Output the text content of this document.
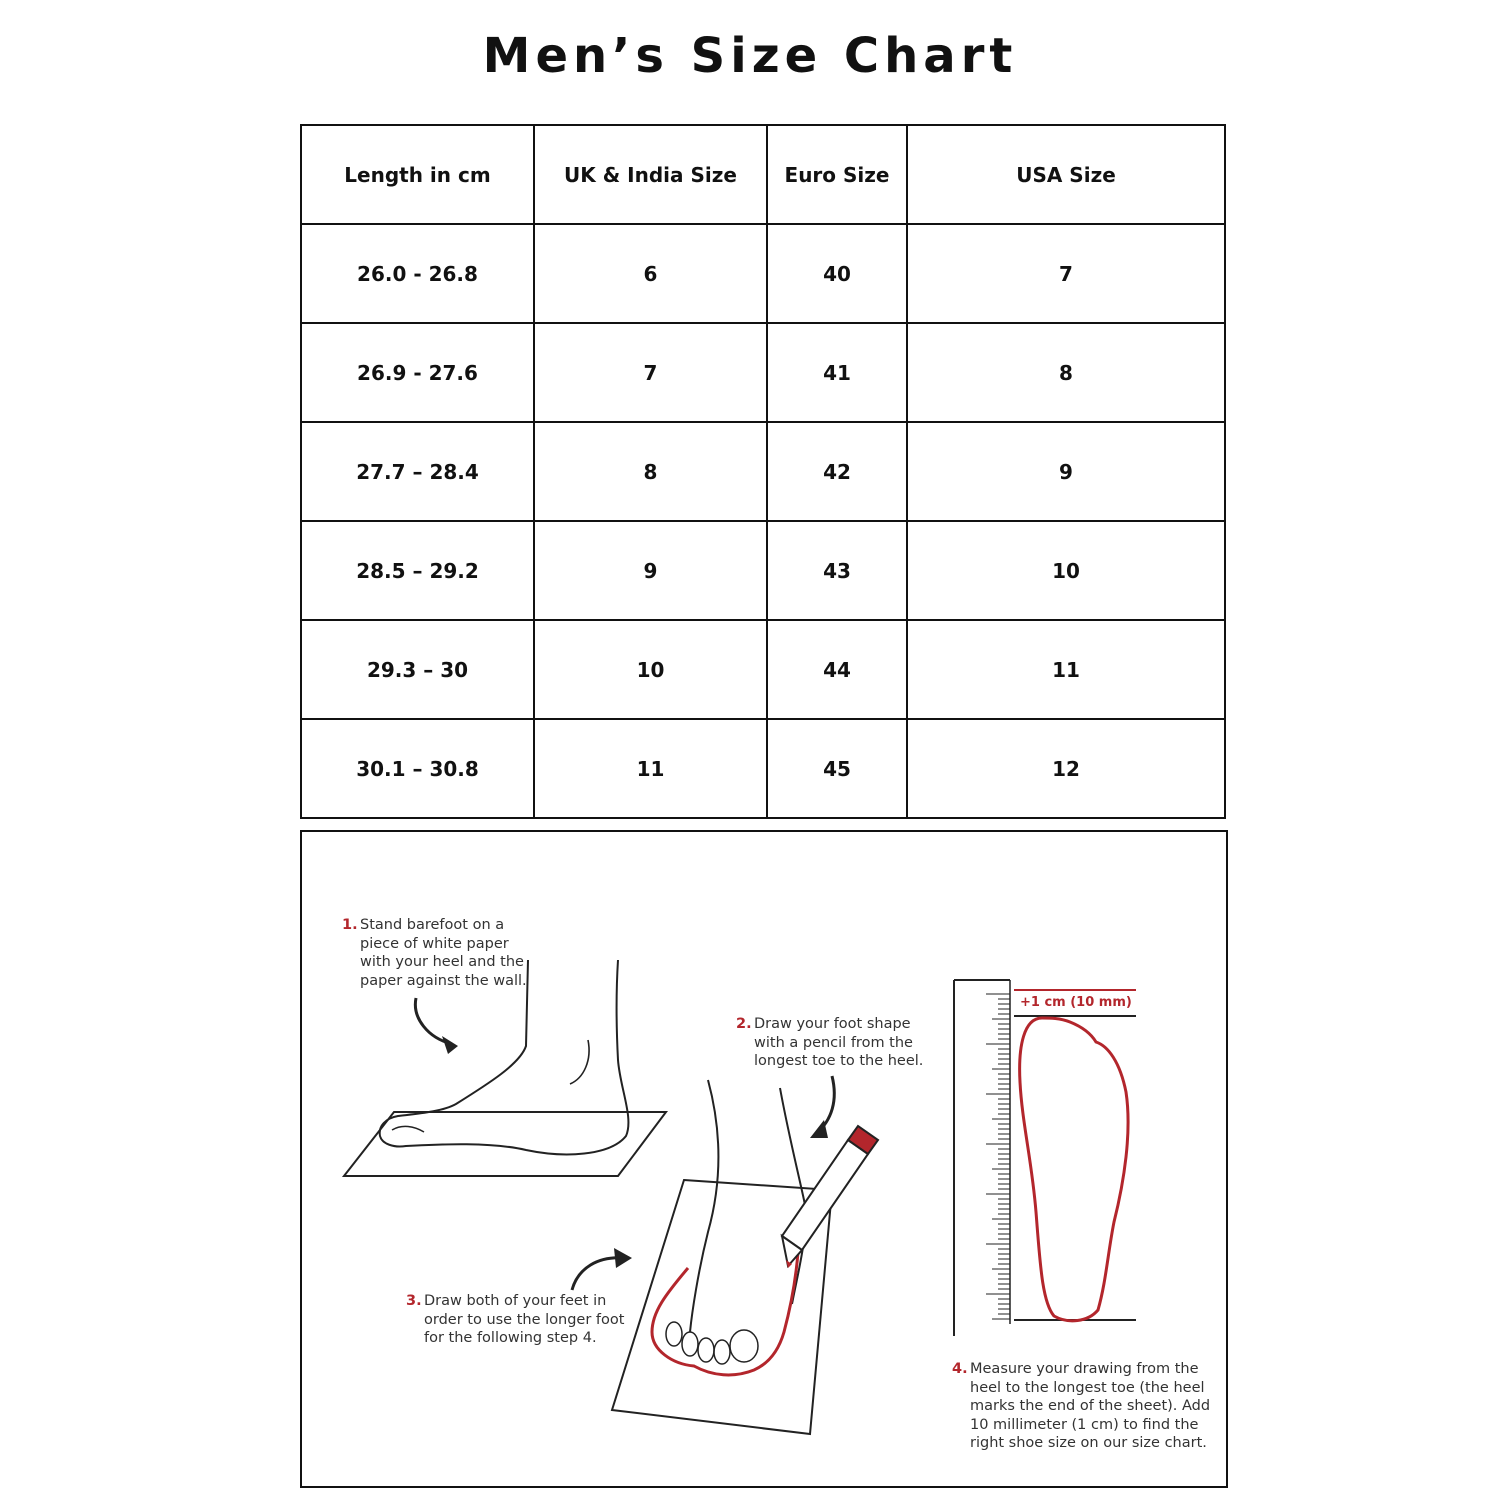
Men’s Size Chart
Length in cm	UK & India Size	Euro Size	USA Size
26.0 - 26.8	6	40	7
26.9 - 27.6	7	41	8
27.7 – 28.4	8	42	9
28.5 – 29.2	9	43	10
29.3 – 30	10	44	11
30.1 – 30.8	11	45	12
+1 cm (10 mm)
1. Stand barefoot on a piece of white paper with your heel and the paper against the wall.
2. Draw your foot shape with a pencil from the longest toe to the heel.
3. Draw both of your feet in order to use the longer foot for the following step 4.
4. Measure your drawing from the heel to the longest toe (the heel marks the end of the sheet). Add 10 millimeter (1 cm) to find the right shoe size on our size chart.
